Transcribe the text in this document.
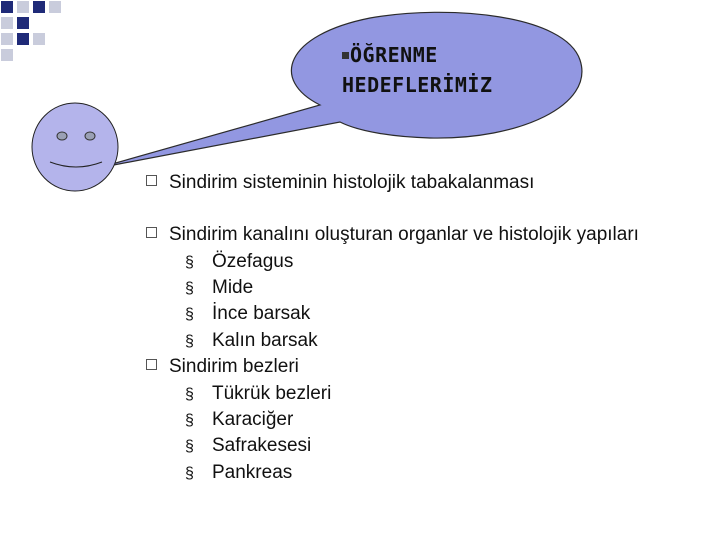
ÖĞRENME
HEDEFLERİMİZ
Sindirim sisteminin histolojik tabakalanması
Sindirim kanalını oluşturan organlar ve histolojik yapıları
§ Özefagus
§ Mide
§ İnce barsak
§ Kalın barsak
Sindirim bezleri
§ Tükrük bezleri
§ Karaciğer
§ Safrakesesi
§ Pankreas
